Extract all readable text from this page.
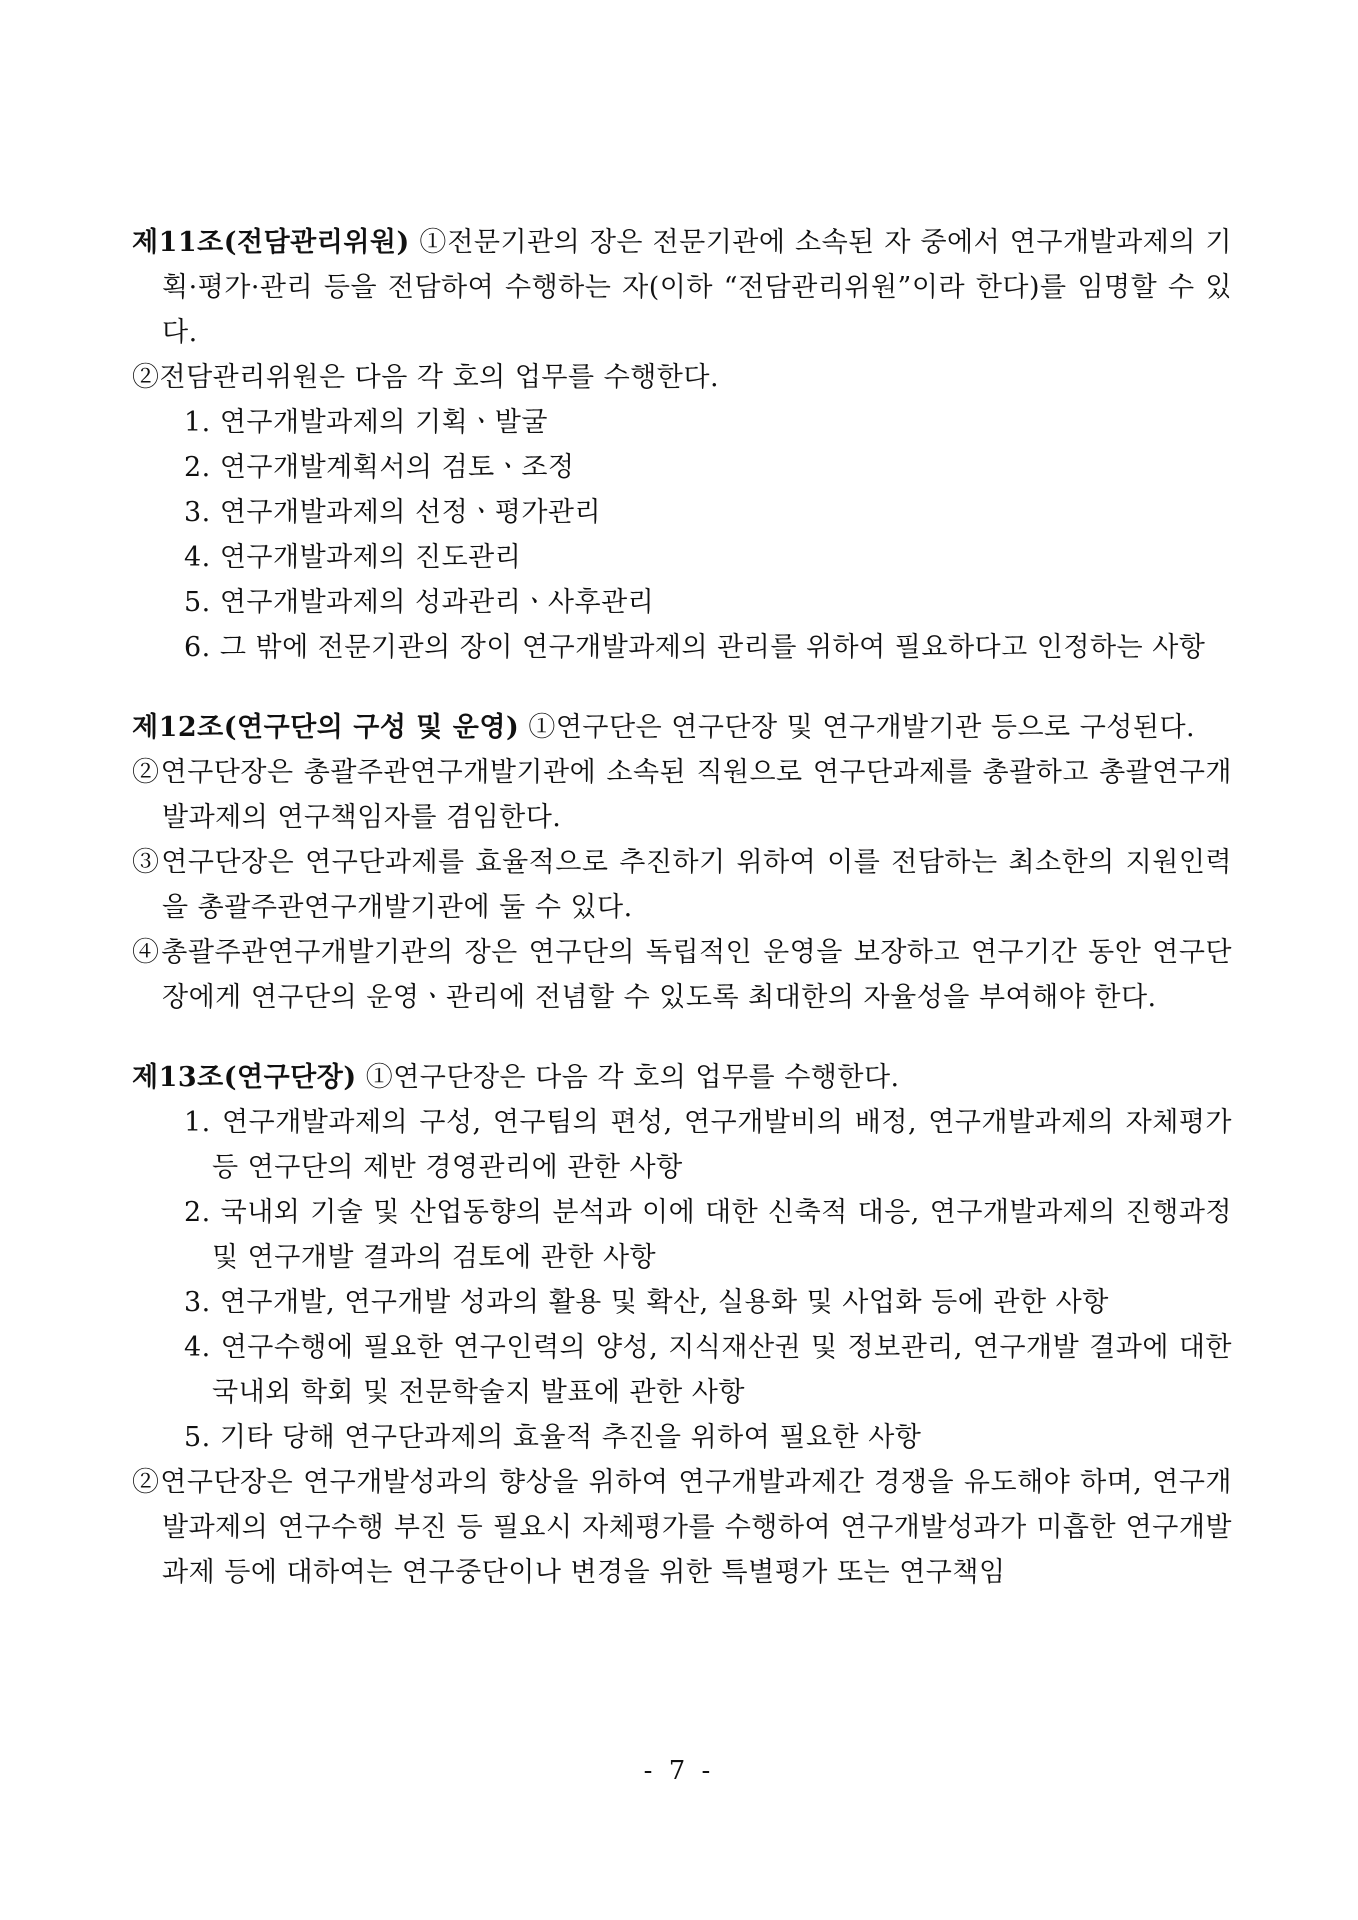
제11조(전담관리위원) ①전문기관의 장은 전문기관에 소속된 자 중에서 연구개발과제의 기획·평가·관리 등을 전담하여 수행하는 자(이하 “전담관리위원”이라 한다)를 임명할 수 있다.

②전담관리위원은 다음 각 호의 업무를 수행한다.

1. 연구개발과제의 기획ㆍ발굴

2. 연구개발계획서의 검토ㆍ조정

3. 연구개발과제의 선정ㆍ평가관리

4. 연구개발과제의 진도관리

5. 연구개발과제의 성과관리ㆍ사후관리

6. 그 밖에 전문기관의 장이 연구개발과제의 관리를 위하여 필요하다고 인정하는 사항

제12조(연구단의 구성 및 운영) ①연구단은 연구단장 및 연구개발기관 등으로 구성된다.

②연구단장은 총괄주관연구개발기관에 소속된 직원으로 연구단과제를 총괄하고 총괄연구개발과제의 연구책임자를 겸임한다.

③연구단장은 연구단과제를 효율적으로 추진하기 위하여 이를 전담하는 최소한의 지원인력을 총괄주관연구개발기관에 둘 수 있다.

④총괄주관연구개발기관의 장은 연구단의 독립적인 운영을 보장하고 연구기간 동안 연구단장에게 연구단의 운영ㆍ관리에 전념할 수 있도록 최대한의 자율성을 부여해야 한다.

제13조(연구단장) ①연구단장은 다음 각 호의 업무를 수행한다.

1. 연구개발과제의 구성, 연구팀의 편성, 연구개발비의 배정, 연구개발과제의 자체평가 등 연구단의 제반 경영관리에 관한 사항

2. 국내외 기술 및 산업동향의 분석과 이에 대한 신축적 대응, 연구개발과제의 진행과정 및 연구개발 결과의 검토에 관한 사항

3. 연구개발, 연구개발 성과의 활용 및 확산, 실용화 및 사업화 등에 관한 사항

4. 연구수행에 필요한 연구인력의 양성, 지식재산권 및 정보관리, 연구개발 결과에 대한 국내외 학회 및 전문학술지 발표에 관한 사항

5. 기타 당해 연구단과제의 효율적 추진을 위하여 필요한 사항

②연구단장은 연구개발성과의 향상을 위하여 연구개발과제간 경쟁을 유도해야 하며, 연구개발과제의 연구수행 부진 등 필요시 자체평가를 수행하여 연구개발성과가 미흡한 연구개발과제 등에 대하여는 연구중단이나 변경을 위한 특별평가 또는 연구책임

- 7 -
